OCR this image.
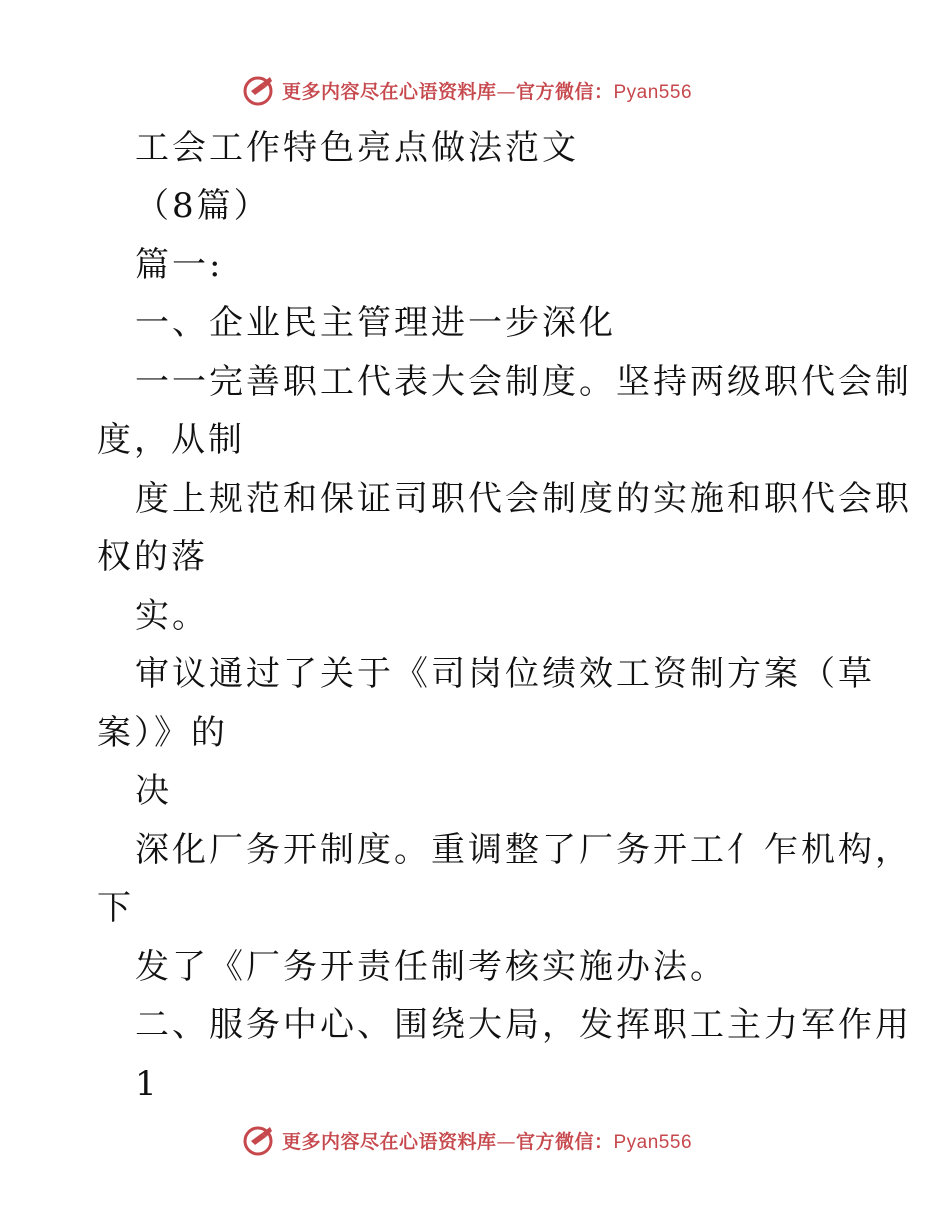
更多内容尽在心语资料库—官方微信：Pyan556
工会工作特色亮点做法范文
（8篇）
篇一:
一、企业民主管理进一步深化
一一完善职工代表大会制度。坚持两级职代会制
度，从制
度上规范和保证司职代会制度的实施和职代会职
权的落
实。
审议通过了关于《司岗位绩效工资制方案（草
案）》的
决
深化厂务开制度。重调整了厂务开工亻乍机构，
下
发了《厂务开责任制考核实施办法。
二、服务中心、围绕大局，发挥职工主力军作用
1
更多内容尽在心语资料库—官方微信：Pyan556
